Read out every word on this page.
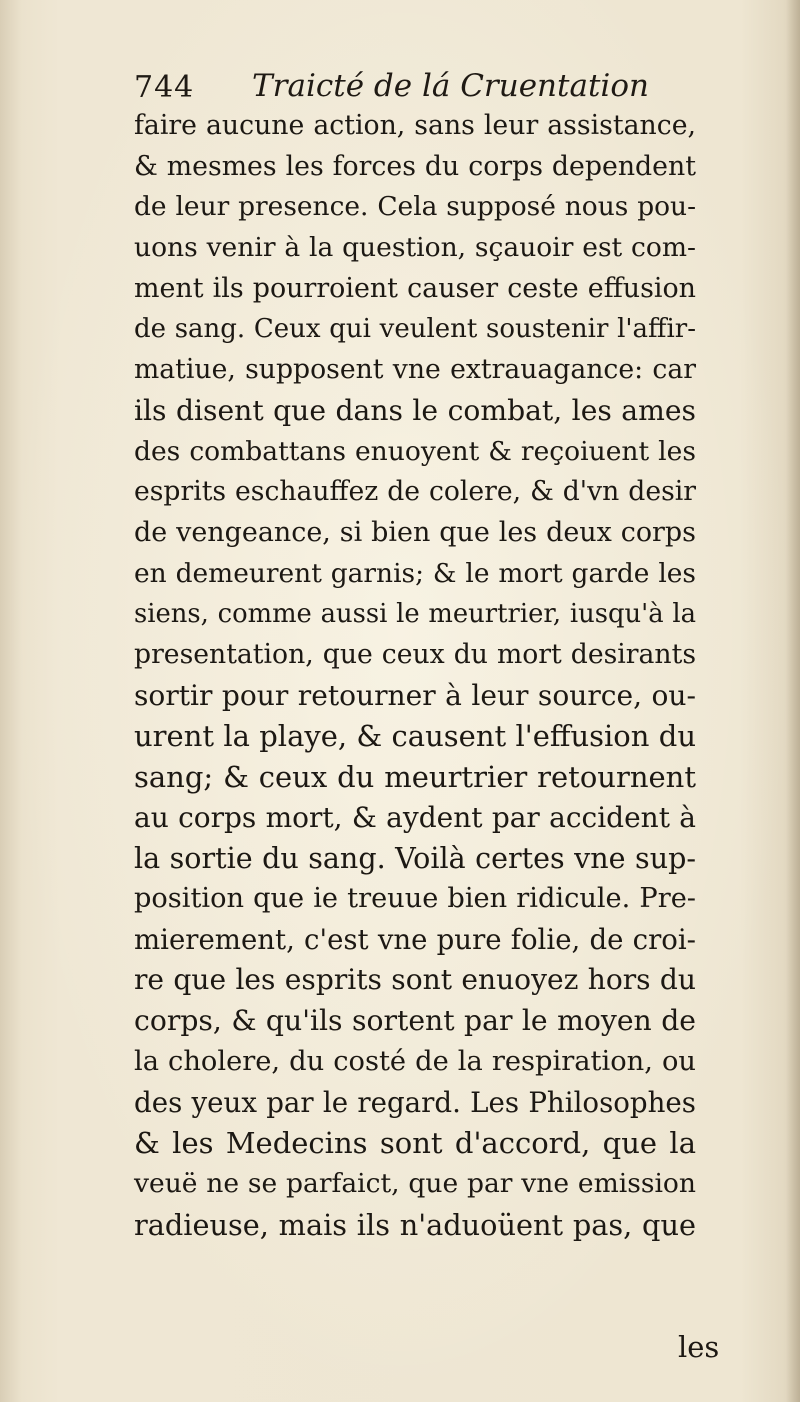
744 Traicté de lá Cruentation
faire aucune action, sans leur assistance,
& mesmes les forces du corps dependent
de leur presence. Cela supposé nous pou-
uons venir à la question, sçauoir est com-
ment ils pourroient causer ceste effusion
de sang. Ceux qui veulent soustenir l'affir-
matiue, supposent vne extrauagance: car
ils disent que dans le combat, les ames
des combattans enuoyent & reçoiuent les
esprits eschauffez de colere, & d'vn desir
de vengeance, si bien que les deux corps
en demeurent garnis; & le mort garde les
siens, comme aussi le meurtrier, iusqu'à la
presentation, que ceux du mort desirants
sortir pour retourner à leur source, ou-
urent la playe, & causent l'effusion du
sang; & ceux du meurtrier retournent
au corps mort, & aydent par accident à
la sortie du sang. Voilà certes vne sup-
position que ie treuue bien ridicule. Pre-
mierement, c'est vne pure folie, de croi-
re que les esprits sont enuoyez hors du
corps, & qu'ils sortent par le moyen de
la cholere, du costé de la respiration, ou
des yeux par le regard. Les Philosophes
& les Medecins sont d'accord, que la
veuë ne se parfaict, que par vne emission
radieuse, mais ils n'aduoüent pas, que
les
